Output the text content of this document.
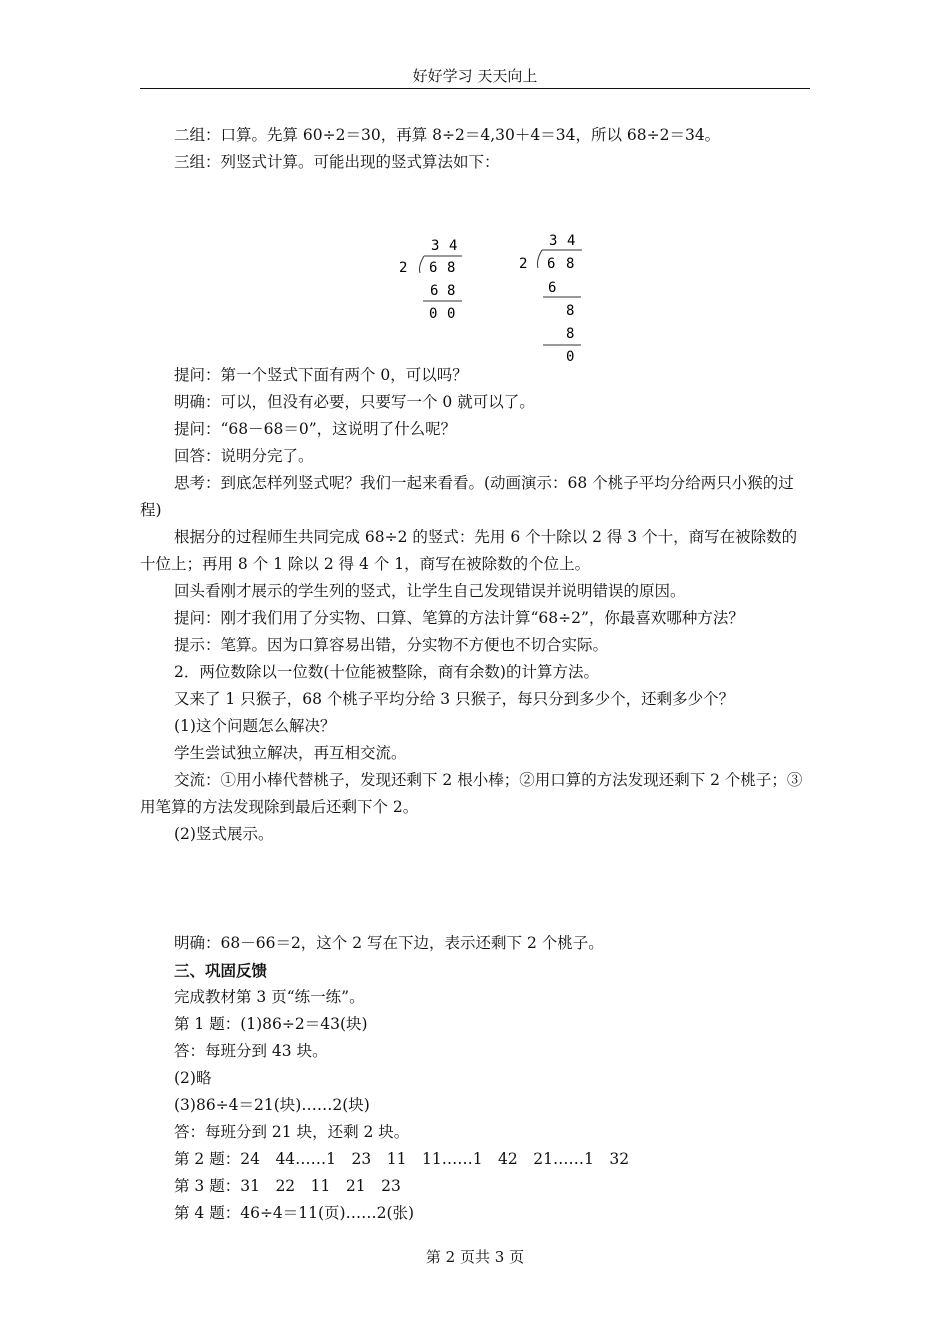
好好学习 天天向上

二组：口算。先算 60÷2＝30，再算 8÷2＝4,30＋4＝34，所以 68÷2＝34。

三组：列竖式计算。可能出现的竖式算法如下：

3 4
2 6 8
6 8
0 0
3 4
2 6 8
6
8
8
0

提问：第一个竖式下面有两个 0，可以吗？

明确：可以，但没有必要，只要写一个 0 就可以了。

提问：“68－68＝0”，这说明了什么呢？

回答：说明分完了。

思考：到底怎样列竖式呢？我们一起来看看。(动画演示：68 个桃子平均分给两只小猴的过程)

根据分的过程师生共同完成 68÷2 的竖式：先用 6 个十除以 2 得 3 个十，商写在被除数的十位上；再用 8 个 1 除以 2 得 4 个 1，商写在被除数的个位上。

回头看刚才展示的学生列的竖式，让学生自己发现错误并说明错误的原因。

提问：刚才我们用了分实物、口算、笔算的方法计算“68÷2”，你最喜欢哪种方法？

提示：笔算。因为口算容易出错，分实物不方便也不切合实际。

2．两位数除以一位数(十位能被整除，商有余数)的计算方法。

又来了 1 只猴子，68 个桃子平均分给 3 只猴子，每只分到多少个，还剩多少个？

(1)这个问题怎么解决？

学生尝试独立解决，再互相交流。

交流：①用小棒代替桃子，发现还剩下 2 根小棒；②用口算的方法发现还剩下 2 个桃子；③用笔算的方法发现除到最后还剩下个 2。

(2)竖式展示。

明确：68－66＝2，这个 2 写在下边，表示还剩下 2 个桃子。

三、巩固反馈

完成教材第 3 页“练一练”。

第 1 题：(1)86÷2＝43(块)

答：每班分到 43 块。

(2)略

(3)86÷4＝21(块)……2(块)

答：每班分到 21 块，还剩 2 块。

第 2 题：24　44……1　23　11　11……1　42　21……1　32

第 3 题：31　22　11　21　23

第 4 题：46÷4＝11(页)……2(张)

第 2 页共 3 页
